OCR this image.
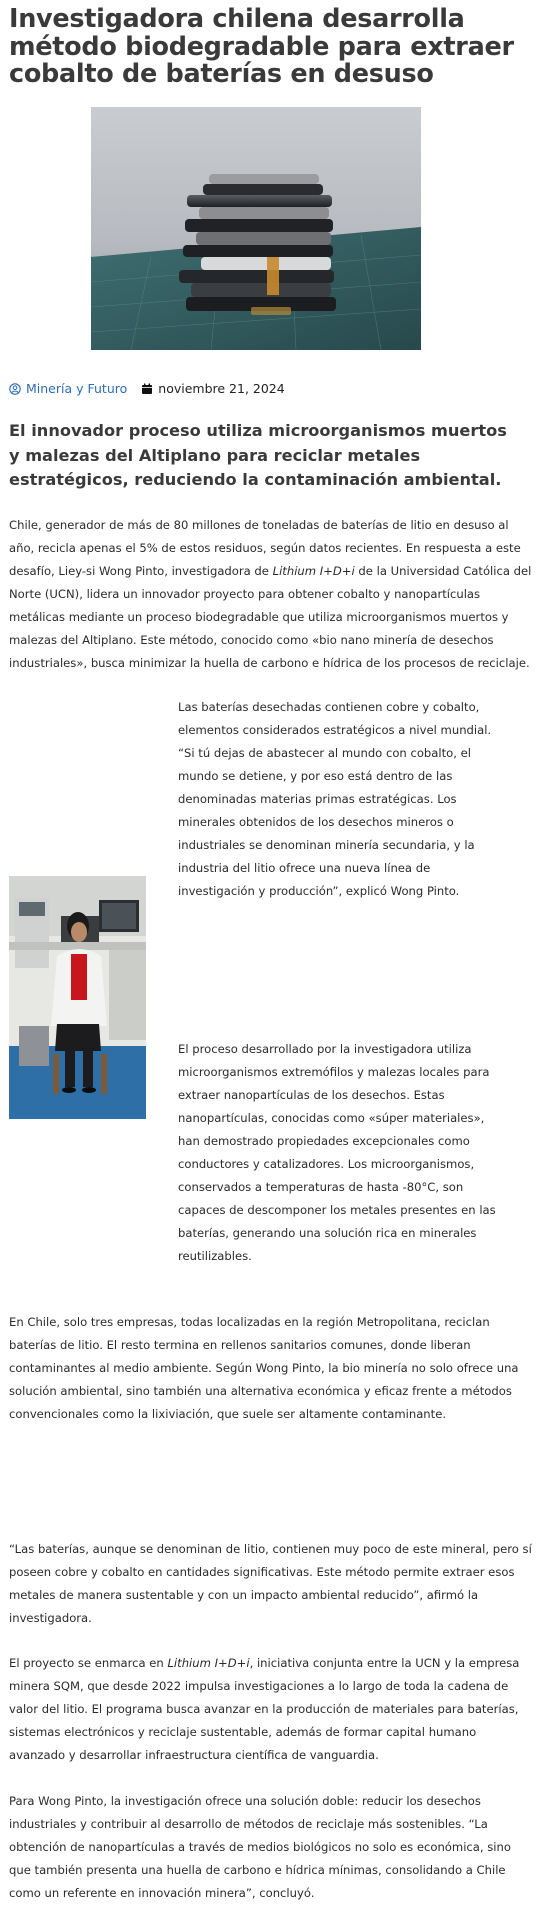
Investigadora chilena desarrolla método biodegradable para extraer cobalto de baterías en desuso
Minería y Futuro noviembre 21, 2024
El innovador proceso utiliza microorganismos muertos y malezas del Altiplano para reciclar metales estratégicos, reduciendo la contaminación ambiental.

Chile, generador de más de 80 millones de toneladas de baterías de litio en desuso al año, recicla apenas el 5% de estos residuos, según datos recientes. En respuesta a este desafío, Liey-si Wong Pinto, investigadora de Lithium I+D+i de la Universidad Católica del Norte (UCN), lidera un innovador proyecto para obtener cobalto y nanopartículas metálicas mediante un proceso biodegradable que utiliza microorganismos muertos y malezas del Altiplano. Este método, conocido como «bio nano minería de desechos industriales», busca minimizar la huella de carbono e hídrica de los procesos de reciclaje.

Las baterías desechadas contienen cobre y cobalto, elementos considerados estratégicos a nivel mundial. “Si tú dejas de abastecer al mundo con cobalto, el mundo se detiene, y por eso está dentro de las denominadas materias primas estratégicas. Los minerales obtenidos de los desechos mineros o industriales se denominan minería secundaria, y la industria del litio ofrece una nueva línea de investigación y producción”, explicó Wong Pinto.

El proceso desarrollado por la investigadora utiliza microorganismos extremófilos y malezas locales para extraer nanopartículas de los desechos. Estas nanopartículas, conocidas como «súper materiales», han demostrado propiedades excepcionales como conductores y catalizadores. Los microorganismos, conservados a temperaturas de hasta -80°C, son capaces de descomponer los metales presentes en las baterías, generando una solución rica en minerales reutilizables.

En Chile, solo tres empresas, todas localizadas en la región Metropolitana, reciclan baterías de litio. El resto termina en rellenos sanitarios comunes, donde liberan contaminantes al medio ambiente. Según Wong Pinto, la bio minería no solo ofrece una solución ambiental, sino también una alternativa económica y eficaz frente a métodos convencionales como la lixiviación, que suele ser altamente contaminante.

“Las baterías, aunque se denominan de litio, contienen muy poco de este mineral, pero sí poseen cobre y cobalto en cantidades significativas. Este método permite extraer esos metales de manera sustentable y con un impacto ambiental reducido”, afirmó la investigadora.

El proyecto se enmarca en Lithium I+D+i, iniciativa conjunta entre la UCN y la empresa minera SQM, que desde 2022 impulsa investigaciones a lo largo de toda la cadena de valor del litio. El programa busca avanzar en la producción de materiales para baterías, sistemas electrónicos y reciclaje sustentable, además de formar capital humano avanzado y desarrollar infraestructura científica de vanguardia.

Para Wong Pinto, la investigación ofrece una solución doble: reducir los desechos industriales y contribuir al desarrollo de métodos de reciclaje más sostenibles. “La obtención de nanopartículas a través de medios biológicos no solo es económica, sino que también presenta una huella de carbono e hídrica mínimas, consolidando a Chile como un referente en innovación minera”, concluyó.
